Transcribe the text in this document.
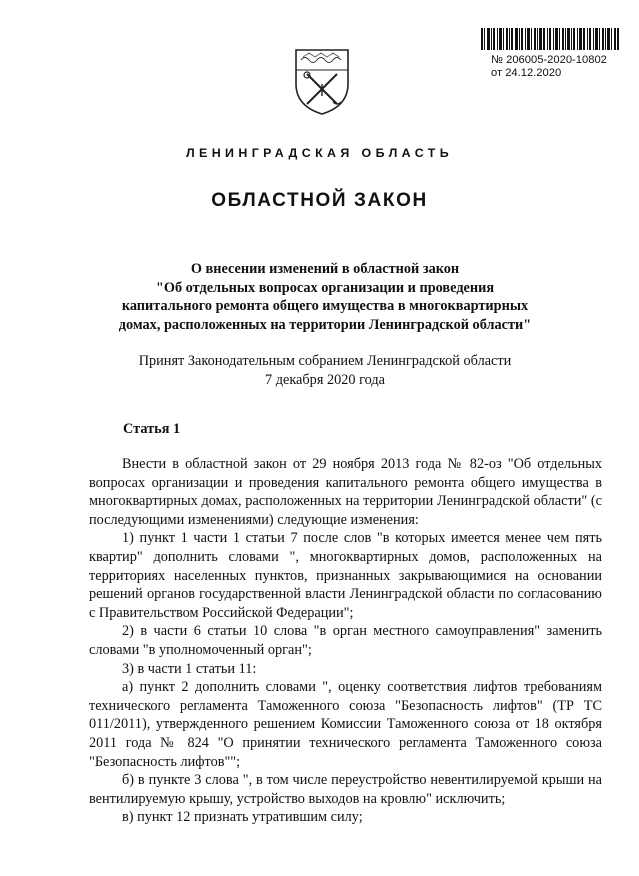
№ 206005-2020-10802
от 24.12.2020
ЛЕНИНГРАДСКАЯ ОБЛАСТЬ
ОБЛАСТНОЙ ЗАКОН
О внесении изменений в областной закон
"Об отдельных вопросах организации и проведения
капитального ремонта общего имущества в многоквартирных
домах, расположенных на территории Ленинградской области"
Принят Законодательным собранием Ленинградской области
7 декабря 2020 года
Статья 1

Внести в областной закон от 29 ноября 2013 года № 82-оз "Об отдельных вопросах организации и проведения капитального ремонта общего имущества в многоквартирных домах, расположенных на территории Ленинградской области" (с последующими изменениями) следующие изменения:

1) пункт 1 части 1 статьи 7 после слов "в которых имеется менее чем пять квартир" дополнить словами ", многоквартирных домов, расположенных на территориях населенных пунктов, признанных закрывающимися на основании решений органов государственной власти Ленинградской области по согласованию с Правительством Российской Федерации";

2) в части 6 статьи 10 слова "в орган местного самоуправления" заменить словами "в уполномоченный орган";

3) в части 1 статьи 11:

а) пункт 2 дополнить словами ", оценку соответствия лифтов требованиям технического регламента Таможенного союза "Безопасность лифтов" (ТР ТС 011/2011), утвержденного решением Комиссии Таможенного союза от 18 октября 2011 года № 824 "О принятии технического регламента Таможенного союза "Безопасность лифтов"";

б) в пункте 3 слова ", в том числе переустройство невентилируемой крыши на вентилируемую крышу, устройство выходов на кровлю" исключить;

в) пункт 12 признать утратившим силу;
